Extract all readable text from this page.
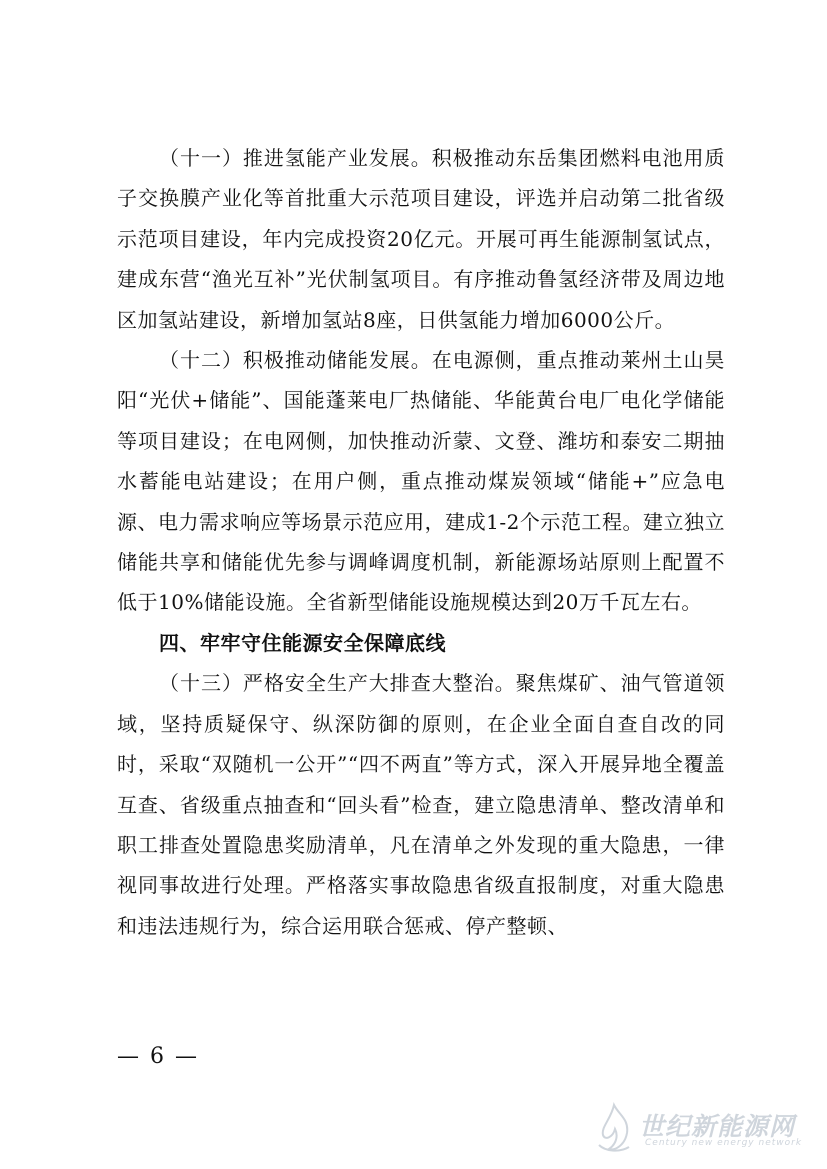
（十一）推进氢能产业发展。积极推动东岳集团燃料电池用质子交换膜产业化等首批重大示范项目建设，评选并启动第二批省级示范项目建设，年内完成投资20亿元。开展可再生能源制氢试点，建成东营“渔光互补”光伏制氢项目。有序推动鲁氢经济带及周边地区加氢站建设，新增加氢站8座，日供氢能力增加6000公斤。

（十二）积极推动储能发展。在电源侧，重点推动莱州土山昊阳“光伏+储能”、国能蓬莱电厂热储能、华能黄台电厂电化学储能等项目建设；在电网侧，加快推动沂蒙、文登、潍坊和泰安二期抽水蓄能电站建设；在用户侧，重点推动煤炭领域“储能+”应急电源、电力需求响应等场景示范应用，建成1-2个示范工程。建立独立储能共享和储能优先参与调峰调度机制，新能源场站原则上配置不低于10%储能设施。全省新型储能设施规模达到20万千瓦左右。

四、牢牢守住能源安全保障底线

（十三）严格安全生产大排查大整治。聚焦煤矿、油气管道领域，坚持质疑保守、纵深防御的原则，在企业全面自查自改的同时，采取“双随机一公开”“四不两直”等方式，深入开展异地全覆盖互查、省级重点抽查和“回头看”检查，建立隐患清单、整改清单和职工排查处置隐患奖励清单，凡在清单之外发现的重大隐患，一律视同事故进行处理。严格落实事故隐患省级直报制度，对重大隐患和违法违规行为，综合运用联合惩戒、停产整顿、

— 6 —
世纪新能源网
Century new energy network
